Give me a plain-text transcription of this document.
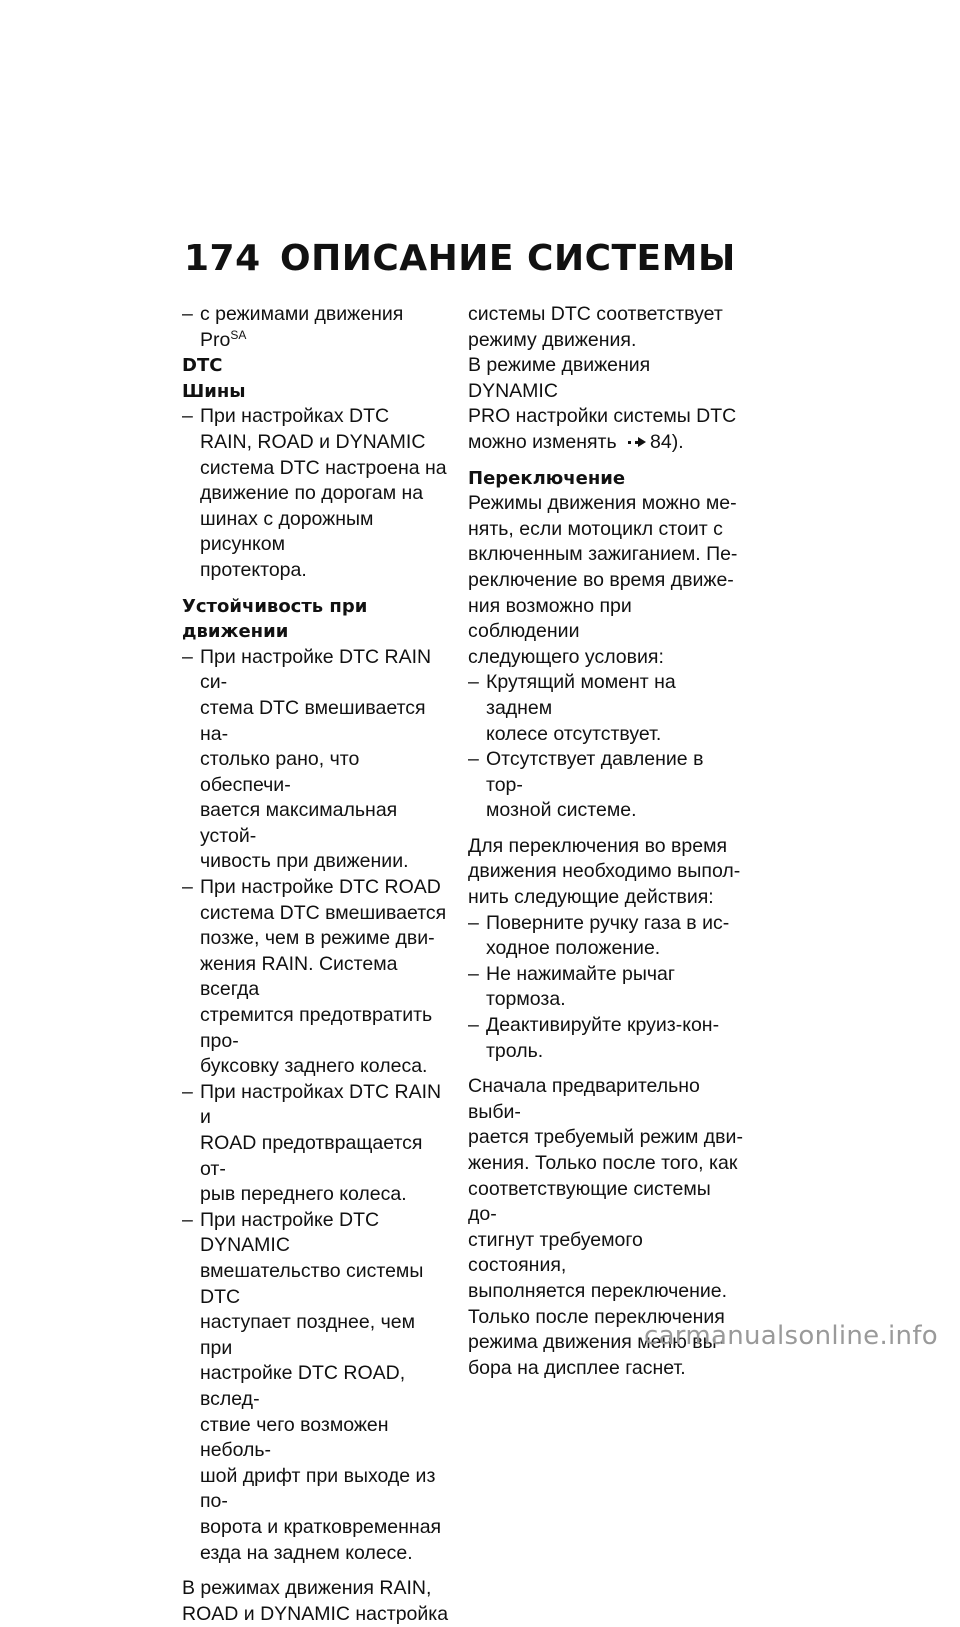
174 ОПИСАНИЕ СИСТЕМЫ
– с режимами движения Pro$^{SA}$
DTC
Шины
– При настройках DTC
RAIN, ROAD и DYNAMIC
система DTC настроена на
движение по дорогам на
шинах с дорожным рисунком
протектора.
Устойчивость при
движении
– При настройке DTC RAIN си-
стема DTC вмешивается на-
столько рано, что обеспечи-
вается максимальная устой-
чивость при движении.
– При настройке DTC ROAD
система DTC вмешивается
позже, чем в режиме дви-
жения RAIN. Система всегда
стремится предотвратить про-
буксовку заднего колеса.
– При настройках DTC RAIN и
ROAD предотвращается от-
рыв переднего колеса.
– При настройке DTC DYNAMIC
вмешательство системы DTC
наступает позднее, чем при
настройке DTC ROAD, вслед-
ствие чего возможен неболь-
шой дрифт при выходе из по-
ворота и кратковременная
езда на заднем колесе.
В режимах движения RAIN,
ROAD и DYNAMIC настройка
системы DTC соответствует
режиму движения.
В режиме движения DYNAMIC
PRO настройки системы DTC
можно изменять 84).
Переключение
Режимы движения можно ме-
нять, если мотоцикл стоит с
включенным зажиганием. Пе-
реключение во время движе-
ния возможно при соблюдении
следующего условия:
– Крутящий момент на заднем
колесе отсутствует.
– Отсутствует давление в тор-
мозной системе.
Для переключения во время
движения необходимо выпол-
нить следующие действия:
– Поверните ручку газа в ис-
ходное положение.
– Не нажимайте рычаг тормоза.
– Деактивируйте круиз-кон-
троль.
Сначала предварительно выби-
рается требуемый режим дви-
жения. Только после того, как
соответствующие системы до-
стигнут требуемого состояния,
выполняется переключение.
Только после переключения
режима движения меню вы-
бора на дисплее гаснет.
carmanualsonline.info
